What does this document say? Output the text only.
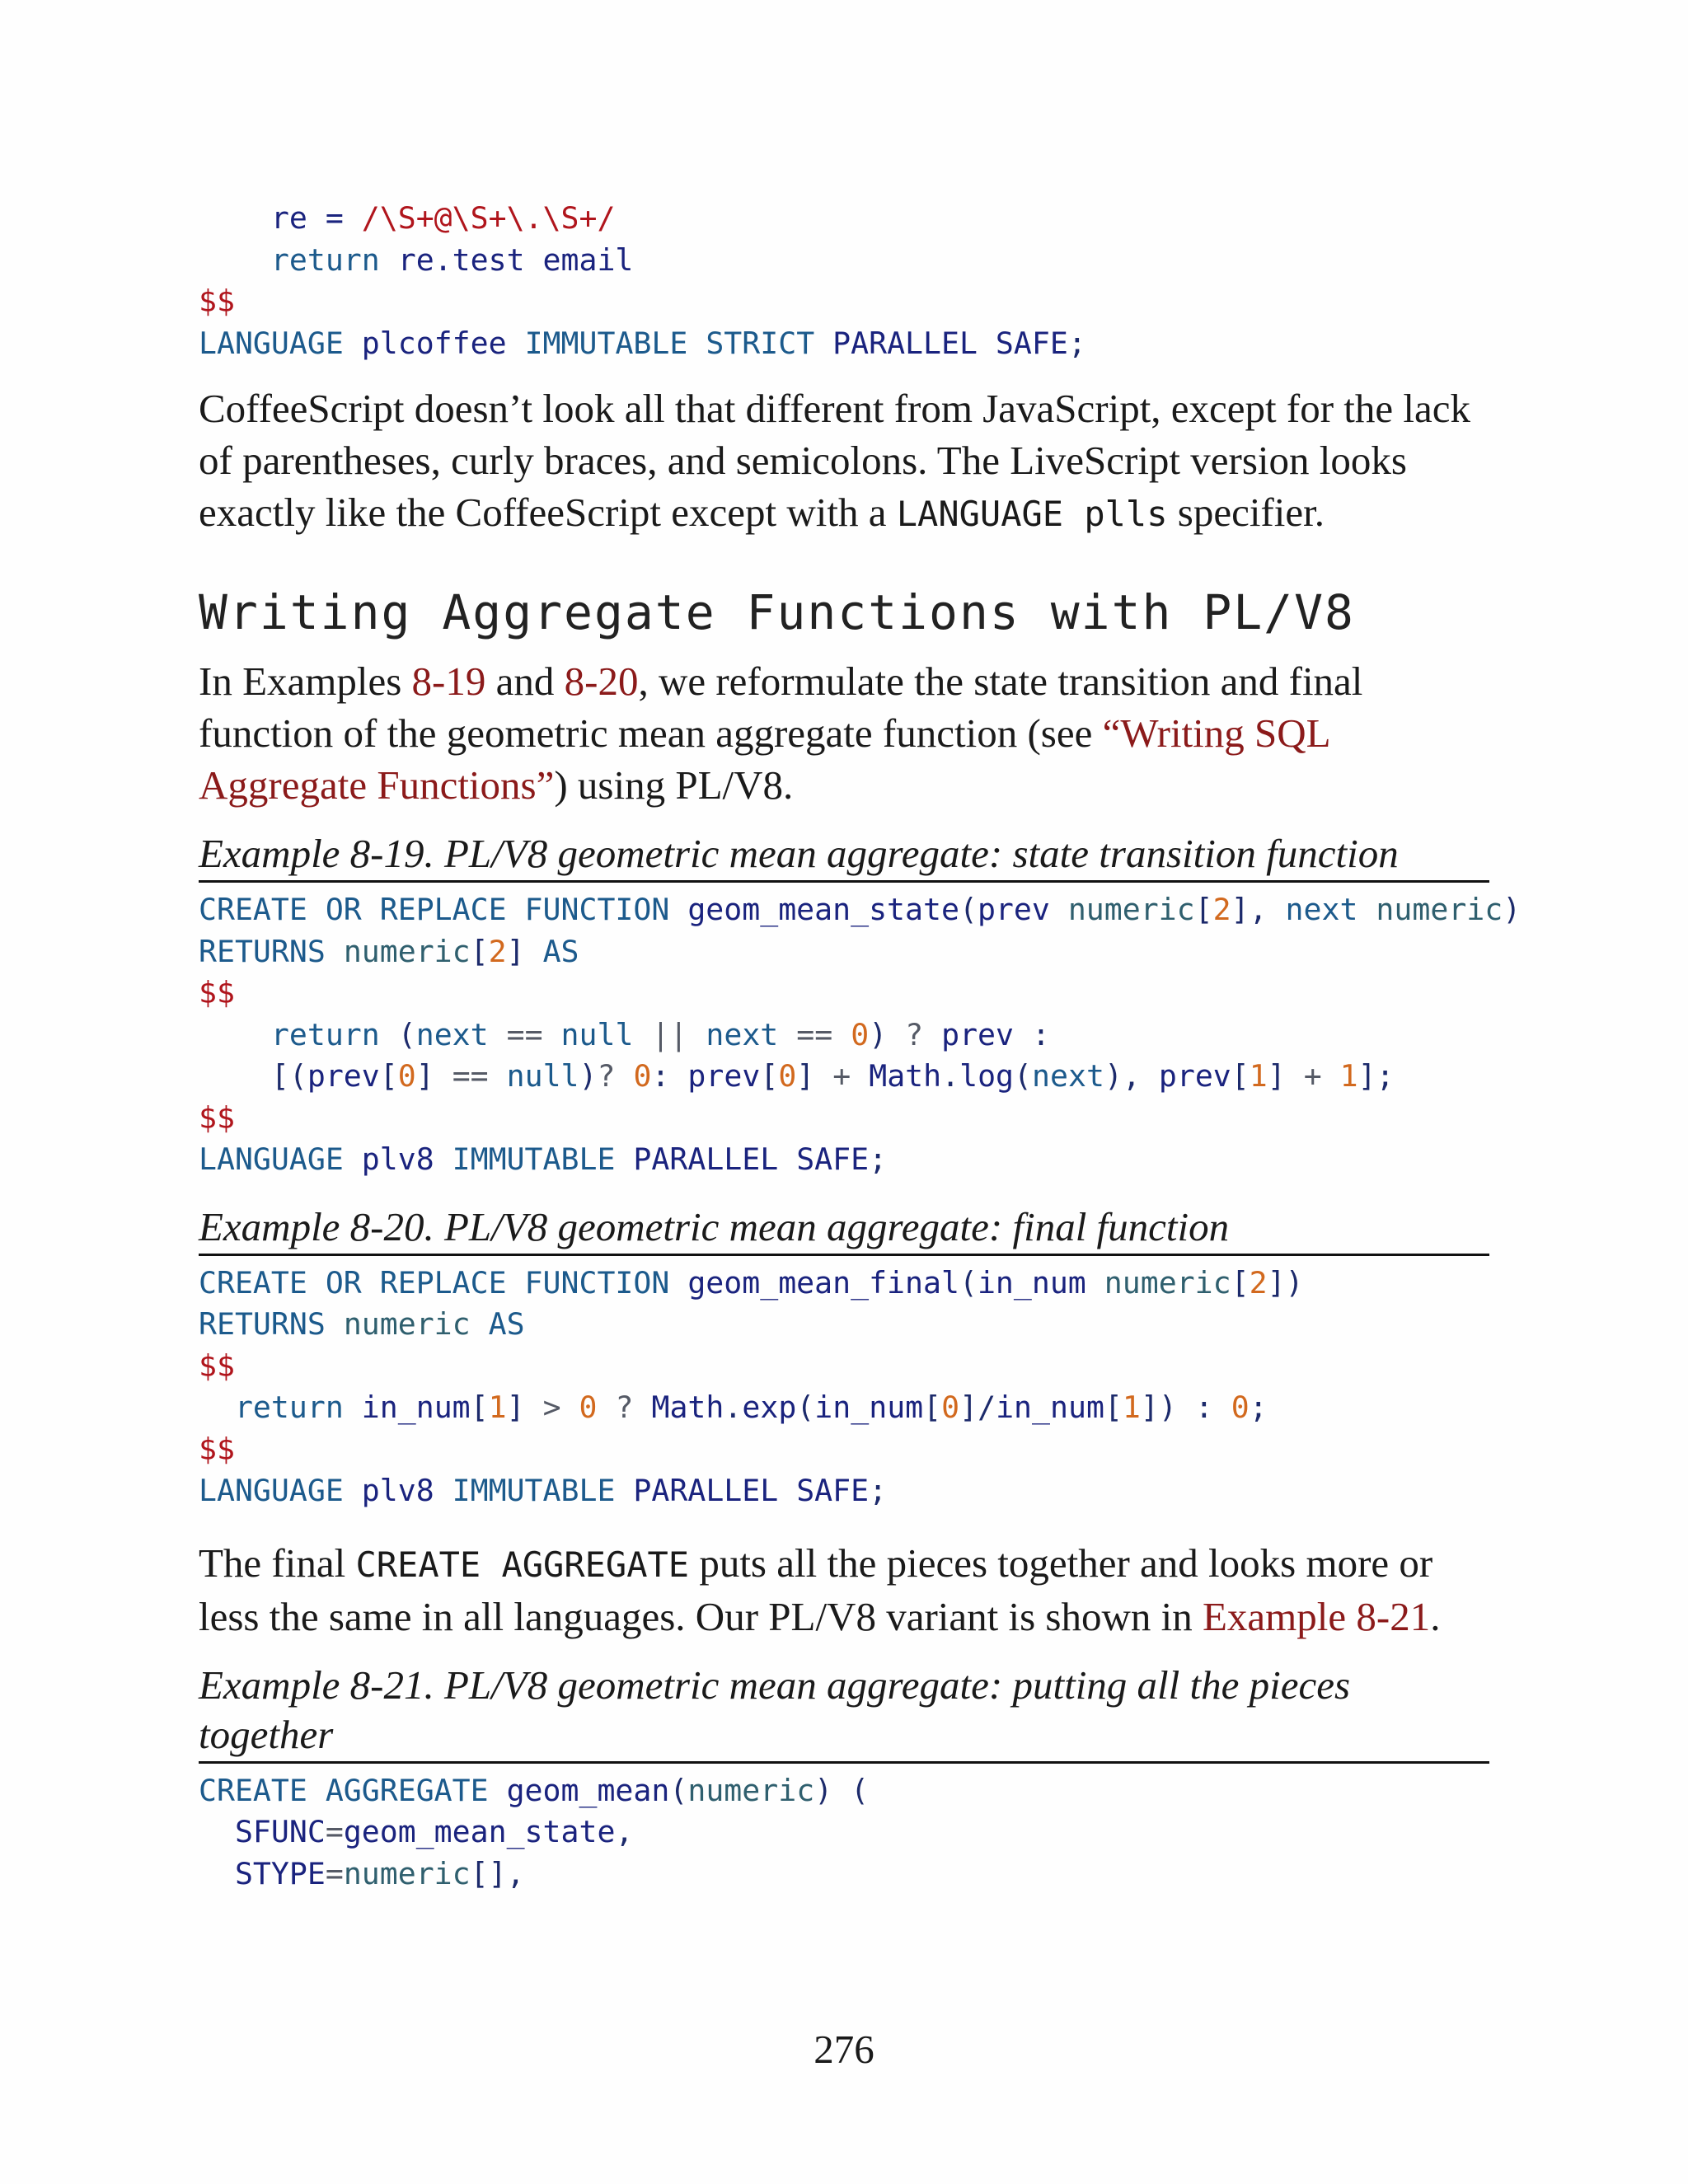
re = /\S+@\S+\.\S+/
return re.test email
$$
LANGUAGE plcoffee IMMUTABLE STRICT PARALLEL SAFE;

CoffeeScript doesn’t look all that different from JavaScript, except for the lack of parentheses, curly braces, and semicolons. The LiveScript version looks exactly like the CoffeeScript except with a LANGUAGE plls specifier.

Writing Aggregate Functions with PL/V8

In Examples 8-19 and 8-20, we reformulate the state transition and final function of the geometric mean aggregate function (see “Writing SQL Aggregate Functions”) using PL/V8.

Example 8-19. PL/V8 geometric mean aggregate: state transition function

CREATE OR REPLACE FUNCTION geom_mean_state(prev numeric[2], next numeric)
RETURNS numeric[2] AS
$$
return (next == null || next == 0) ? prev :
[(prev[0] == null)? 0: prev[0] + Math.log(next), prev[1] + 1];
$$
LANGUAGE plv8 IMMUTABLE PARALLEL SAFE;

Example 8-20. PL/V8 geometric mean aggregate: final function

CREATE OR REPLACE FUNCTION geom_mean_final(in_num numeric[2])
RETURNS numeric AS
$$
return in_num[1] > 0 ? Math.exp(in_num[0]/in_num[1]) : 0;
$$
LANGUAGE plv8 IMMUTABLE PARALLEL SAFE;

The final CREATE AGGREGATE puts all the pieces together and looks more or less the same in all languages. Our PL/V8 variant is shown in Example 8-21.

Example 8-21. PL/V8 geometric mean aggregate: putting all the pieces together

CREATE AGGREGATE geom_mean(numeric) (
SFUNC=geom_mean_state,
STYPE=numeric[],
276
